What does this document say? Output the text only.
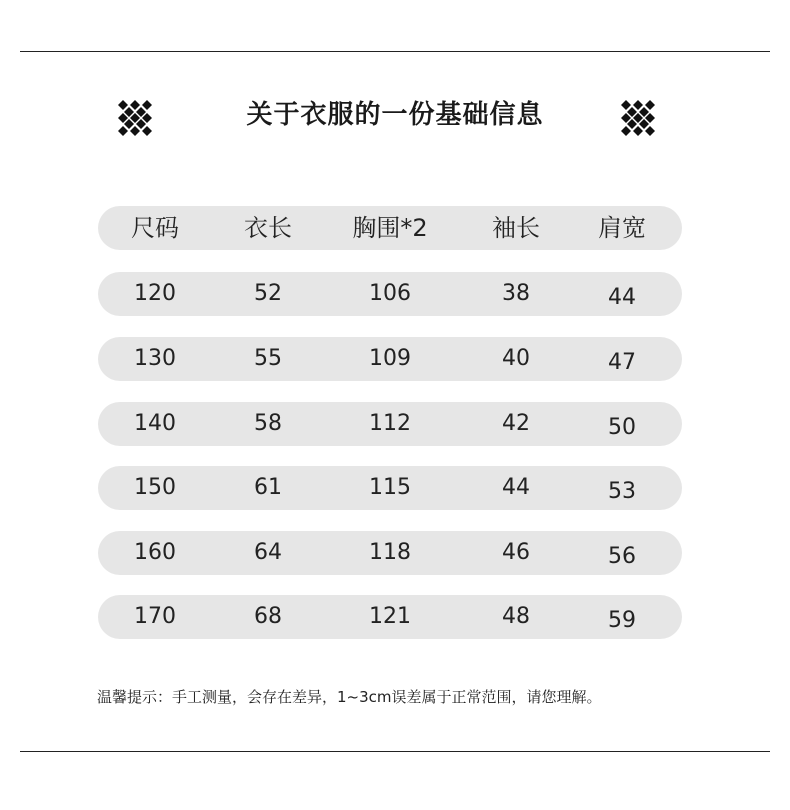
关于衣服的一份基础信息
尺码	衣长	胸围*2	袖长	肩宽
120	52	106	38	44
130	55	109	40	47
140	58	112	42	50
150	61	115	44	53
160	64	118	46	56
170	68	121	48	59
温馨提示：手工测量，会存在差异，1~3cm误差属于正常范围，请您理解。
